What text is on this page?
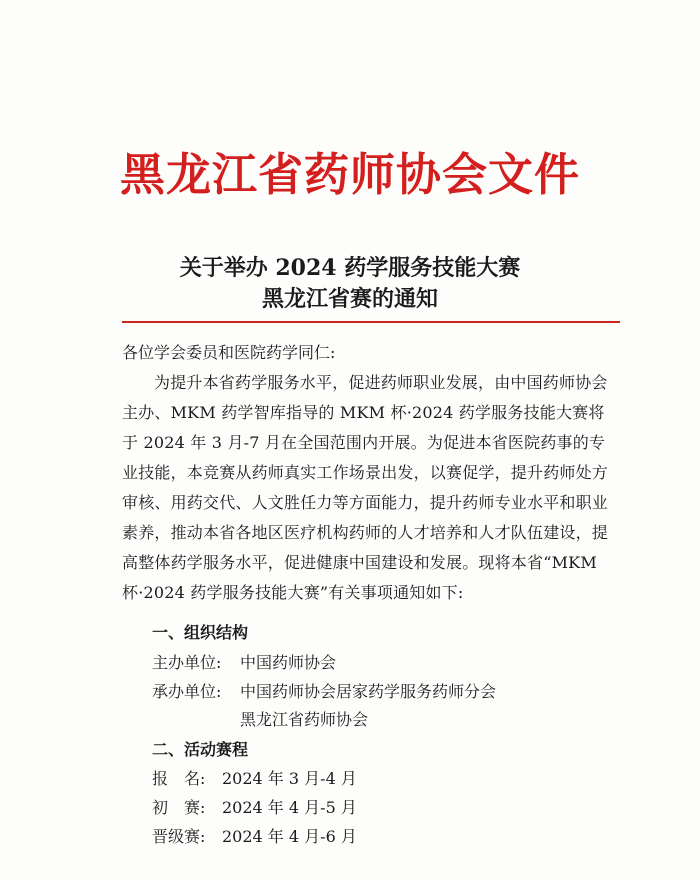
黑龙江省药师协会文件
关于举办 2024 药学服务技能大赛
黑龙江省赛的通知
各位学会委员和医院药学同仁:
为提升本省药学服务水平，促进药师职业发展，由中国药师协会主办、MKM 药学智库指导的 MKM 杯·2024 药学服务技能大赛将于 2024 年 3 月-7 月在全国范围内开展。为促进本省医院药事的专业技能，本竞赛从药师真实工作场景出发，以赛促学，提升药师处方审核、用药交代、人文胜任力等方面能力，提升药师专业水平和职业素养，推动本省各地区医疗机构药师的人才培养和人才队伍建设，提高整体药学服务水平，促进健康中国建设和发展。现将本省“MKM 杯·2024 药学服务技能大赛”有关事项通知如下:
一、组织结构
主办单位: 中国药师协会
承办单位: 中国药师协会居家药学服务药师分会
黑龙江省药师协会
二、活动赛程
报　名: 2024 年 3 月-4 月
初　赛: 2024 年 4 月-5 月
晋级赛: 2024 年 4 月-6 月
